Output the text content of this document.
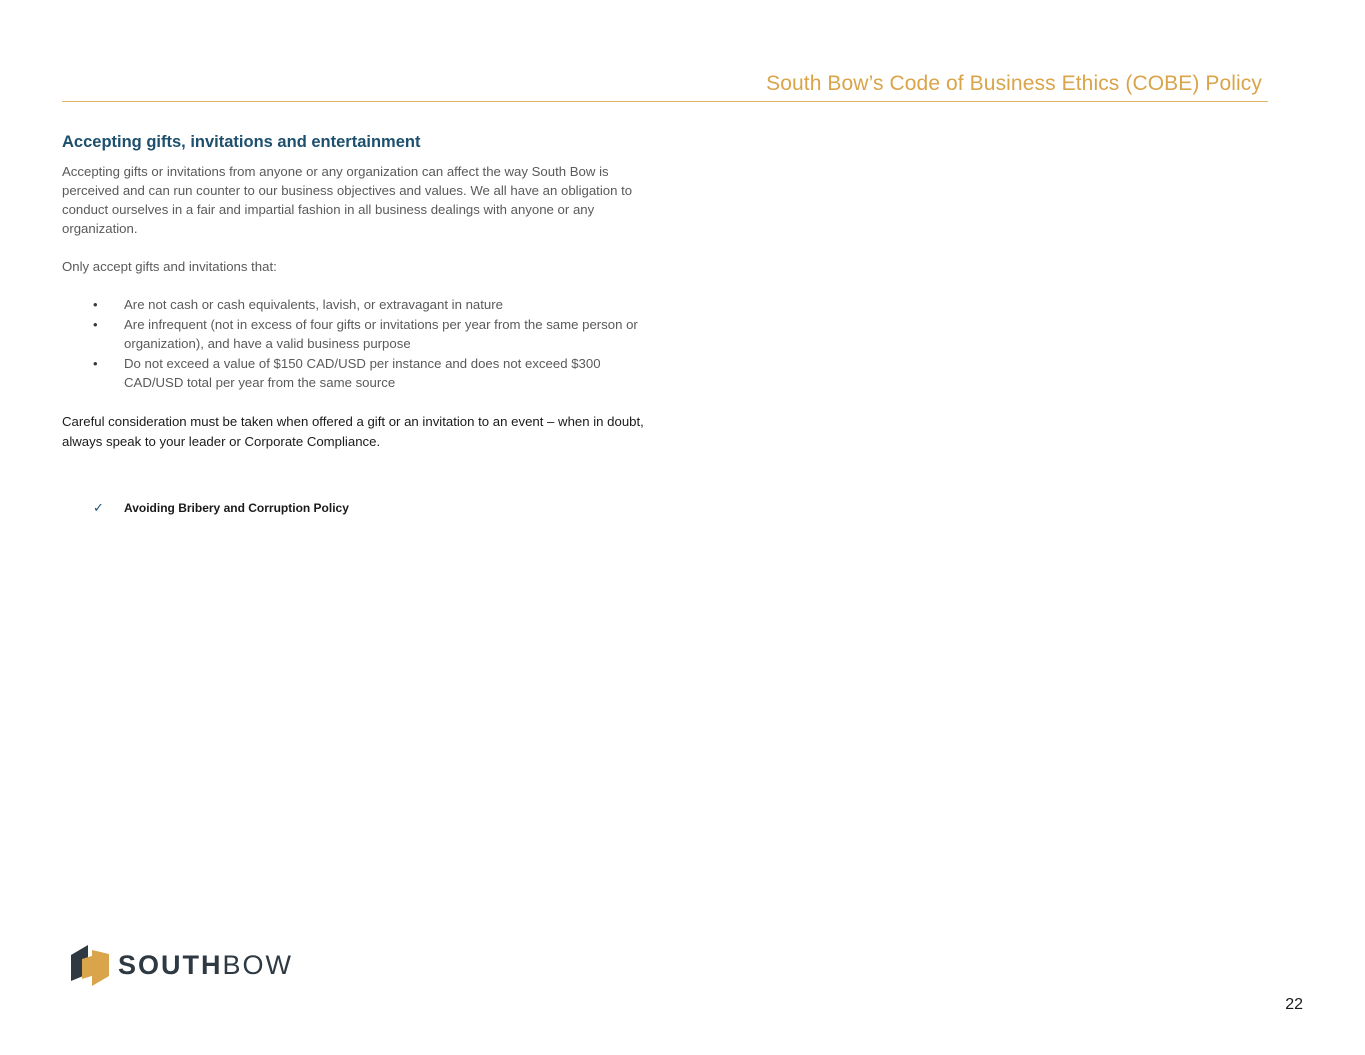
South Bow’s Code of Business Ethics (COBE) Policy
Accepting gifts, invitations and entertainment

Accepting gifts or invitations from anyone or any organization can affect the way South Bow is perceived and can run counter to our business objectives and values. We all have an obligation to conduct ourselves in a fair and impartial fashion in all business dealings with anyone or any organization.

Only accept gifts and invitations that:

• Are not cash or cash equivalents, lavish, or extravagant in nature
• Are infrequent (not in excess of four gifts or invitations per year from the same person or organization), and have a valid business purpose
• Do not exceed a value of $150 CAD/USD per instance and does not exceed $300 CAD/USD total per year from the same source

Careful consideration must be taken when offered a gift or an invitation to an event – when in doubt, always speak to your leader or Corporate Compliance.

✓	Avoiding Bribery and Corruption Policy
SOUTHBOW
22
